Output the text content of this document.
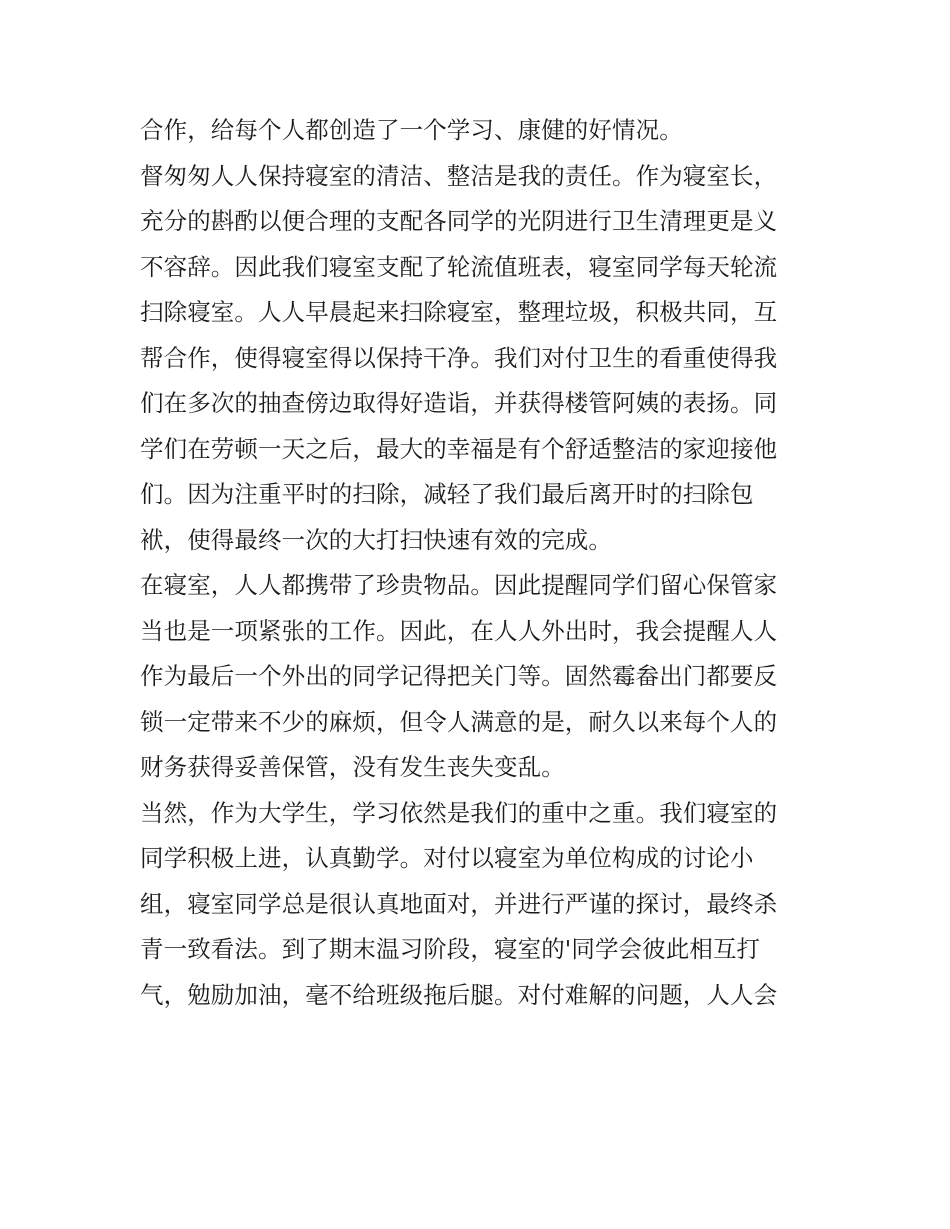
合作，给每个人都创造了一个学习、康健的好情况。
督匆匆人人保持寝室的清洁、整洁是我的责任。作为寝室长，
充分的斟酌以便合理的支配各同学的光阴进行卫生清理更是义
不容辞。因此我们寝室支配了轮流值班表，寝室同学每天轮流
扫除寝室。人人早晨起来扫除寝室，整理垃圾，积极共同，互
帮合作，使得寝室得以保持干净。我们对付卫生的看重使得我
们在多次的抽查傍边取得好造诣，并获得楼管阿姨的表扬。同
学们在劳顿一天之后，最大的幸福是有个舒适整洁的家迎接他
们。因为注重平时的扫除，减轻了我们最后离开时的扫除包
袱，使得最终一次的大打扫快速有效的完成。
在寝室，人人都携带了珍贵物品。因此提醒同学们留心保管家
当也是一项紧张的工作。因此，在人人外出时，我会提醒人人
作为最后一个外出的同学记得把关门等。固然霉畚出门都要反
锁一定带来不少的麻烦，但令人满意的是，耐久以来每个人的
财务获得妥善保管，没有发生丧失变乱。
当然，作为大学生，学习依然是我们的重中之重。我们寝室的
同学积极上进，认真勤学。对付以寝室为单位构成的讨论小
组，寝室同学总是很认真地面对，并进行严谨的探讨，最终杀
青一致看法。到了期末温习阶段，寝室的'同学会彼此相互打
气，勉励加油，毫不给班级拖后腿。对付难解的问题，人人会
